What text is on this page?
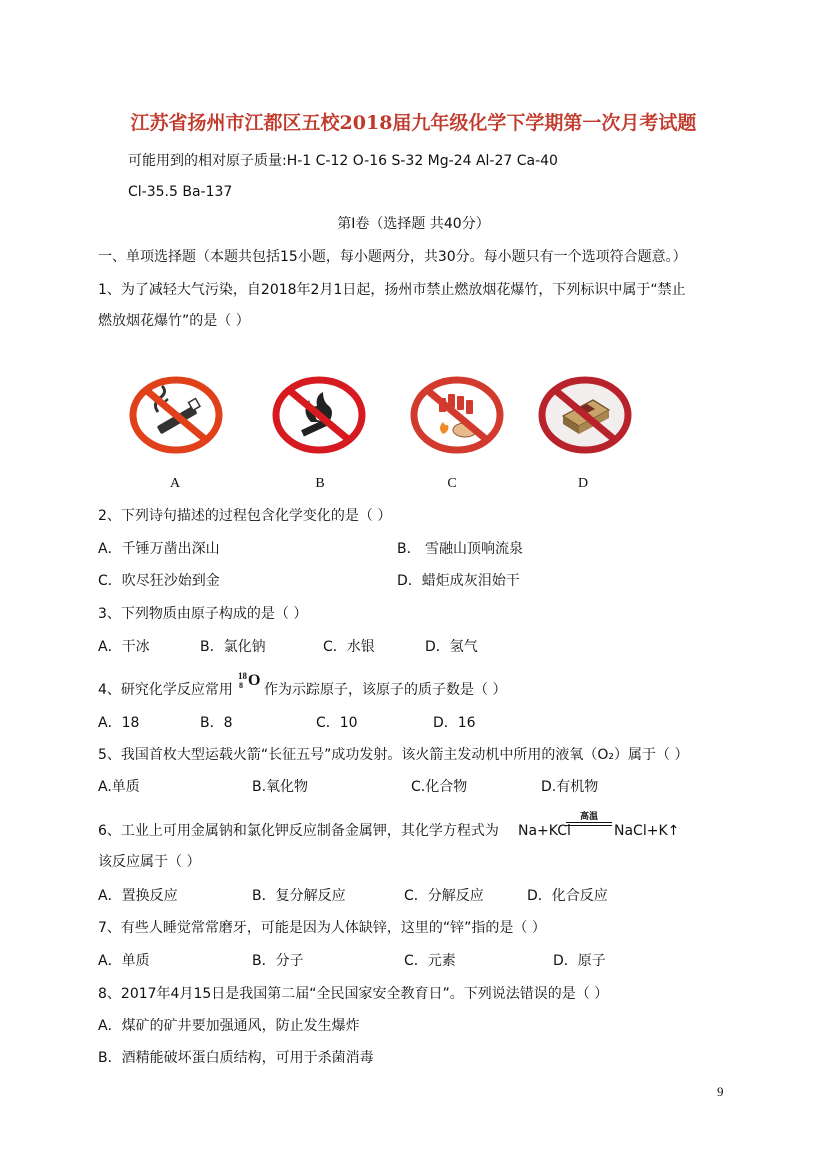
江苏省扬州市江都区五校2018届九年级化学下学期第一次月考试题
可能用到的相对原子质量:H-1 C-12 O-16 S-32 Mg-24 Al-27 Ca-40
Cl-35.5 Ba-137
第Ⅰ卷（选择题 共40分）
一、单项选择题（本题共包括15小题，每小题两分，共30分。每小题只有一个选项符合题意。）
1、为了减轻大气污染，自2018年2月1日起，扬州市禁止燃放烟花爆竹，下列标识中属于“禁止
燃放烟花爆竹”的是（ ）
A	B	C	D
2、下列诗句描述的过程包含化学变化的是（ ）
A．千锤万凿出深山	B． 雪融山顶响流泉
C．吹尽狂沙始到金	D．蜡炬成灰泪始干
3、下列物质由原子构成的是（ ）
A．干冰	B．氯化钠	C．水银	D．氢气
4、研究化学反应常用
18
8 O
作为示踪原子，该原子的质子数是（ ）
A．18	B．8	C．10	D．16
5、我国首枚大型运载火箭“长征五号”成功发射。该火箭主发动机中所用的液氧（O₂）属于（ ）
A.单质	B.氧化物	C.化合物	D.有机物
6、工业上可用金属钠和氯化钾反应制备金属钾，其化学方程式为 Na+KCl
高温
NaCl+K↑
该反应属于（ ）
A．置换反应	B．复分解反应	C．分解反应	D．化合反应
7、有些人睡觉常常磨牙，可能是因为人体缺锌，这里的“锌”指的是（ ）
A．单质	B．分子	C．元素	D．原子
8、2017年4月15日是我国第二届“全民国家安全教育日”。下列说法错误的是（ ）
A．煤矿的矿井要加强通风，防止发生爆炸
B．酒精能破坏蛋白质结构，可用于杀菌消毒
9
